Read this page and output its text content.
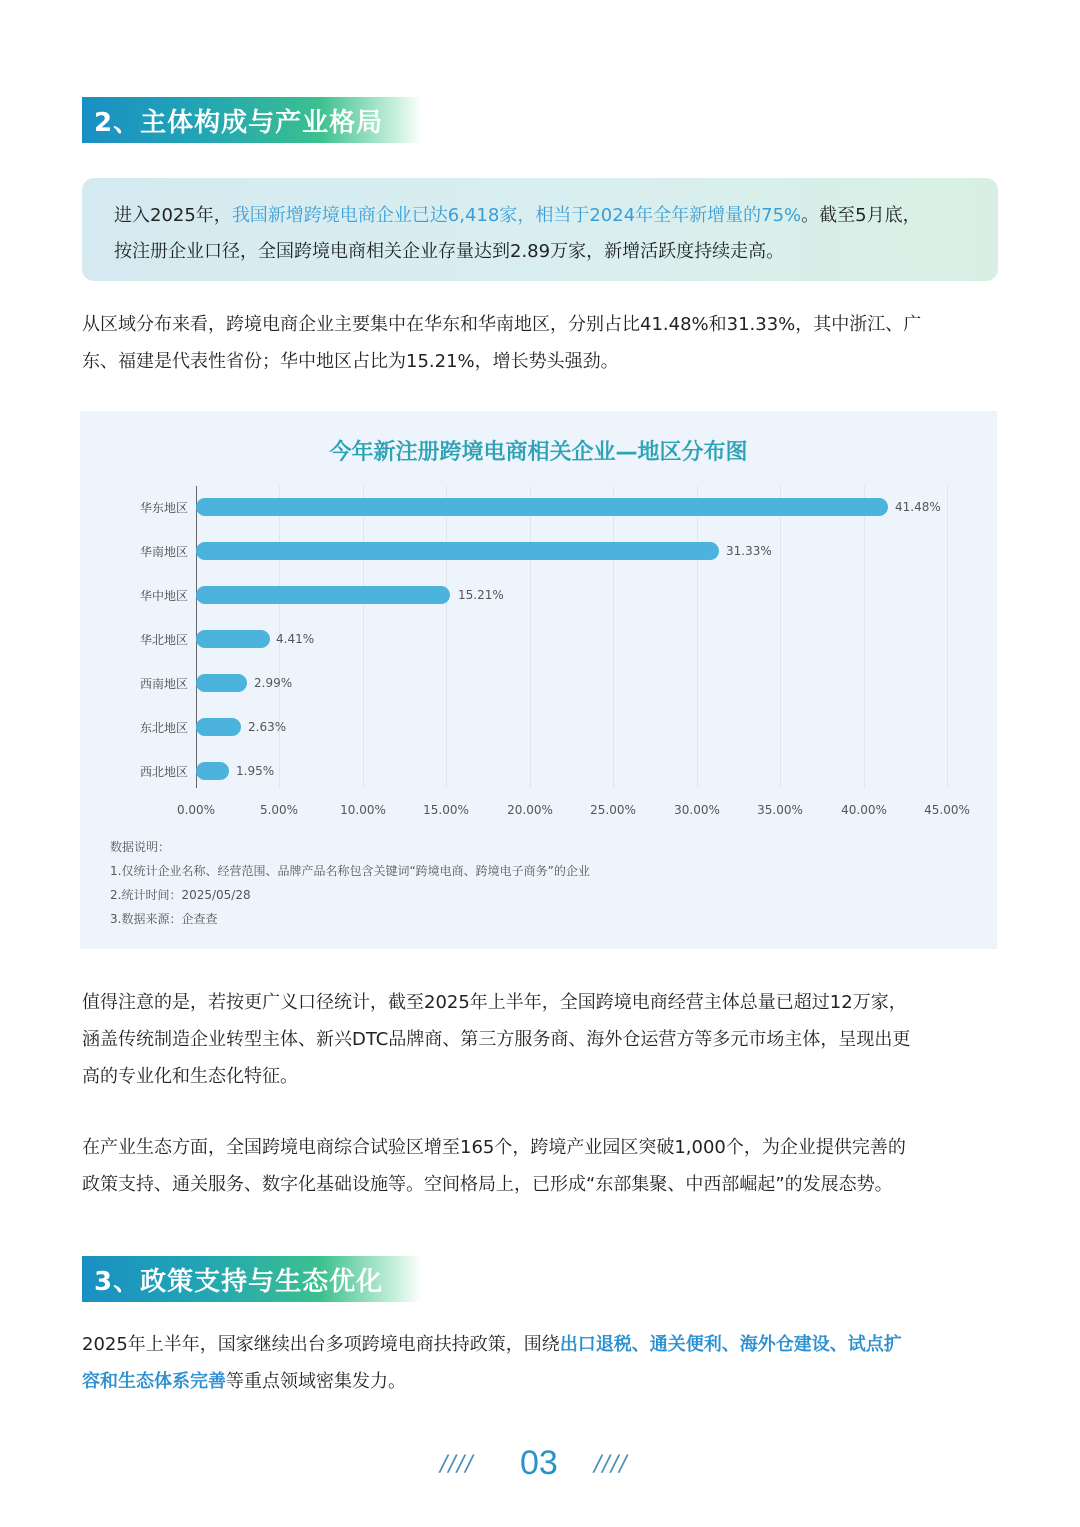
2、主体构成与产业格局
进入2025年，我国新增跨境电商企业已达6,418家，相当于2024年全年新增量的75%。截至5月底，
按注册企业口径，全国跨境电商相关企业存量达到2.89万家，新增活跃度持续走高。
从区域分布来看，跨境电商企业主要集中在华东和华南地区，分别占比41.48%和31.33%，其中浙江、广
东、福建是代表性省份；华中地区占比为15.21%，增长势头强劲。
今年新注册跨境电商相关企业—地区分布图
华东地区	41.48%
华南地区	31.33%
华中地区	15.21%
华北地区	4.41%
西南地区	2.99%
东北地区	2.63%
西北地区	1.95%
0.00%	5.00%	10.00%	15.00%	20.00%	25.00%	30.00%	35.00%	40.00%	45.00%
数据说明：
1.仅统计企业名称、经营范围、品牌产品名称包含关键词“跨境电商、跨境电子商务”的企业
2.统计时间：2025/05/28
3.数据来源：企查查
值得注意的是，若按更广义口径统计，截至2025年上半年，全国跨境电商经营主体总量已超过12万家，
涵盖传统制造企业转型主体、新兴DTC品牌商、第三方服务商、海外仓运营方等多元市场主体，呈现出更
高的专业化和生态化特征。
在产业生态方面，全国跨境电商综合试验区增至165个，跨境产业园区突破1,000个，为企业提供完善的
政策支持、通关服务、数字化基础设施等。空间格局上，已形成“东部集聚、中西部崛起”的发展态势。
3、政策支持与生态优化
2025年上半年，国家继续出台多项跨境电商扶持政策，围绕出口退税、通关便利、海外仓建设、试点扩
容和生态体系完善等重点领域密集发力。
//// 03 ////
